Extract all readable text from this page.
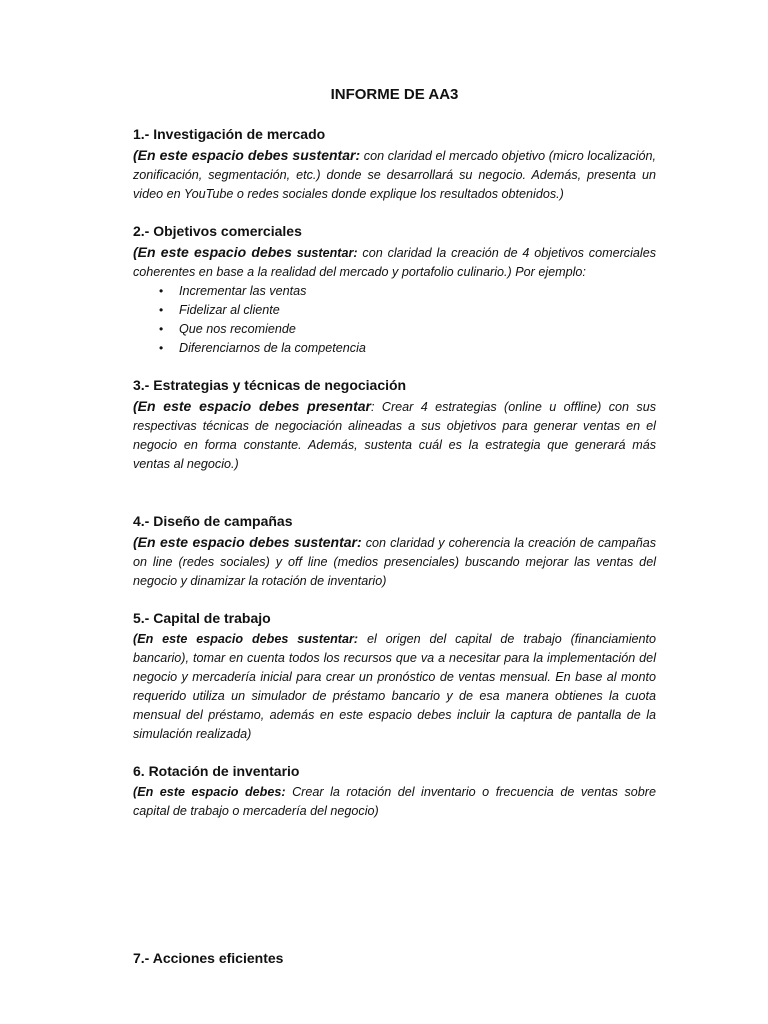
INFORME DE AA3
1.- Investigación de mercado

(En este espacio debes sustentar: con claridad el mercado objetivo (micro localización, zonificación, segmentación, etc.) donde se desarrollará su negocio. Además, presenta un video en YouTube o redes sociales donde explique los resultados obtenidos.)

2.- Objetivos comerciales

(En este espacio debes sustentar: con claridad la creación de 4 objetivos comerciales coherentes en base a la realidad del mercado y portafolio culinario.) Por ejemplo:

• Incrementar las ventas
• Fidelizar al cliente
• Que nos recomiende
• Diferenciarnos de la competencia
3.- Estrategias y técnicas de negociación

(En este espacio debes presentar: Crear 4 estrategias (online u offline) con sus respectivas técnicas de negociación alineadas a sus objetivos para generar ventas en el negocio en forma constante. Además, sustenta cuál es la estrategia que generará más ventas al negocio.)

4.- Diseño de campañas

(En este espacio debes sustentar: con claridad y coherencia la creación de campañas on line (redes sociales) y off line (medios presenciales) buscando mejorar las ventas del negocio y dinamizar la rotación de inventario)

5.- Capital de trabajo

(En este espacio debes sustentar: el origen del capital de trabajo (financiamiento bancario), tomar en cuenta todos los recursos que va a necesitar para la implementación del negocio y mercadería inicial para crear un pronóstico de ventas mensual. En base al monto requerido utiliza un simulador de préstamo bancario y de esa manera obtienes la cuota mensual del préstamo, además en este espacio debes incluir la captura de pantalla de la simulación realizada)

6. Rotación de inventario

(En este espacio debes: Crear la rotación del inventario o frecuencia de ventas sobre capital de trabajo o mercadería del negocio)

7.- Acciones eficientes
